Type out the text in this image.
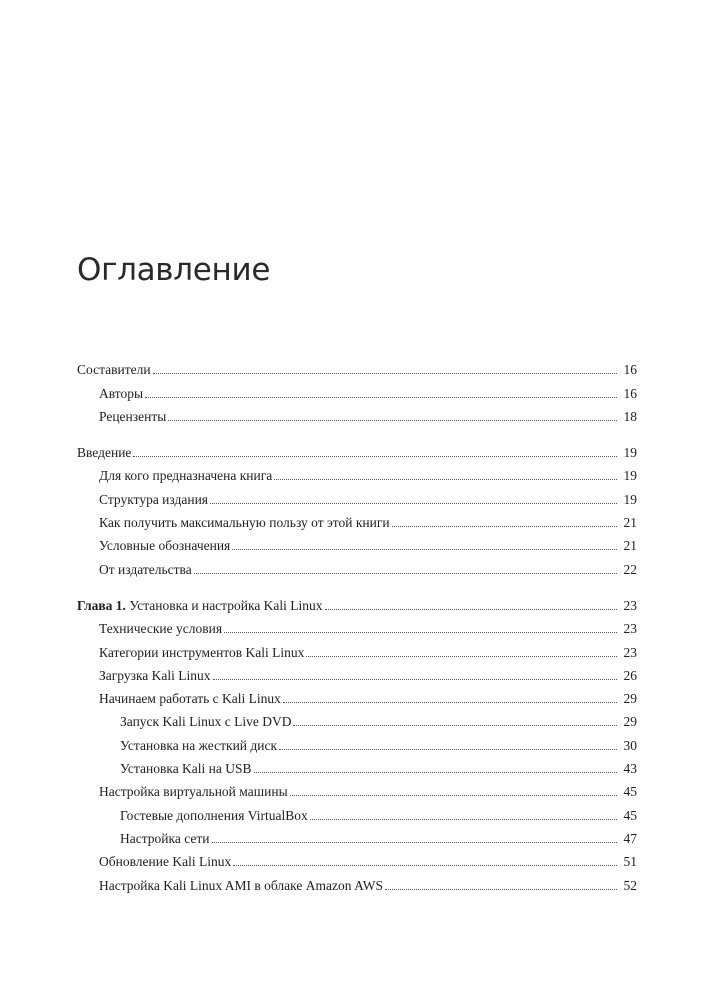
Оглавление
Составители	16
Авторы	16
Рецензенты	18
Введение	19
Для кого предназначена книга	19
Структура издания	19
Как получить максимальную пользу от этой книги	21
Условные обозначения	21
От издательства	22
Глава 1. Установка и настройка Kali Linux	23
Технические условия	23
Категории инструментов Kali Linux	23
Загрузка Kali Linux	26
Начинаем работать с Kali Linux	29
Запуск Kali Linux с Live DVD	29
Установка на жесткий диск	30
Установка Kali на USB	43
Настройка виртуальной машины	45
Гостевые дополнения VirtualBox	45
Настройка сети	47
Обновление Kali Linux	51
Настройка Kali Linux AMI в облаке Amazon AWS	52
